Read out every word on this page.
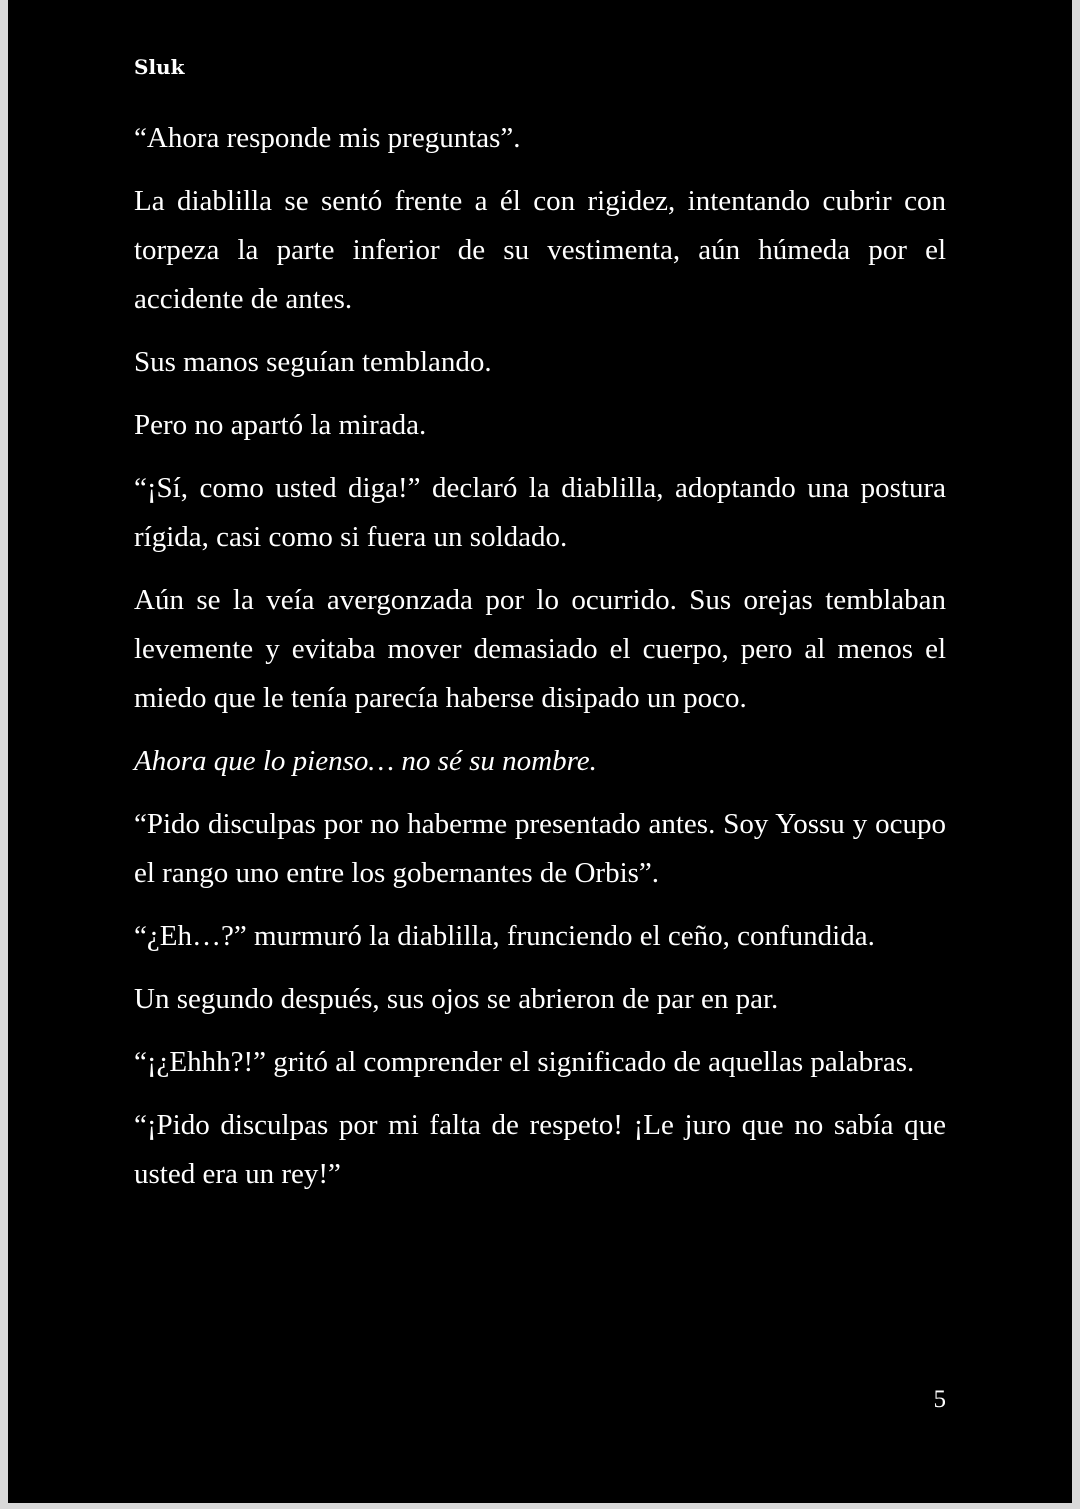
Sluk

“Ahora responde mis preguntas”.

La diablilla se sentó frente a él con rigidez, intentando cubrir con torpeza la parte inferior de su vestimenta, aún húmeda por el accidente de antes.

Sus manos seguían temblando.

Pero no apartó la mirada.

“¡Sí, como usted diga!” declaró la diablilla, adoptando una postura rígida, casi como si fuera un soldado.

Aún se la veía avergonzada por lo ocurrido. Sus orejas temblaban levemente y evitaba mover demasiado el cuerpo, pero al menos el miedo que le tenía parecía haberse disipado un poco.

Ahora que lo pienso… no sé su nombre.

“Pido disculpas por no haberme presentado antes. Soy Yossu y ocupo el rango uno entre los gobernantes de Orbis”.

“¿Eh…?” murmuró la diablilla, frunciendo el ceño, confundida.

Un segundo después, sus ojos se abrieron de par en par.

“¡¿Ehhh?!” gritó al comprender el significado de aquellas palabras.

“¡Pido disculpas por mi falta de respeto! ¡Le juro que no sabía que usted era un rey!”

5
